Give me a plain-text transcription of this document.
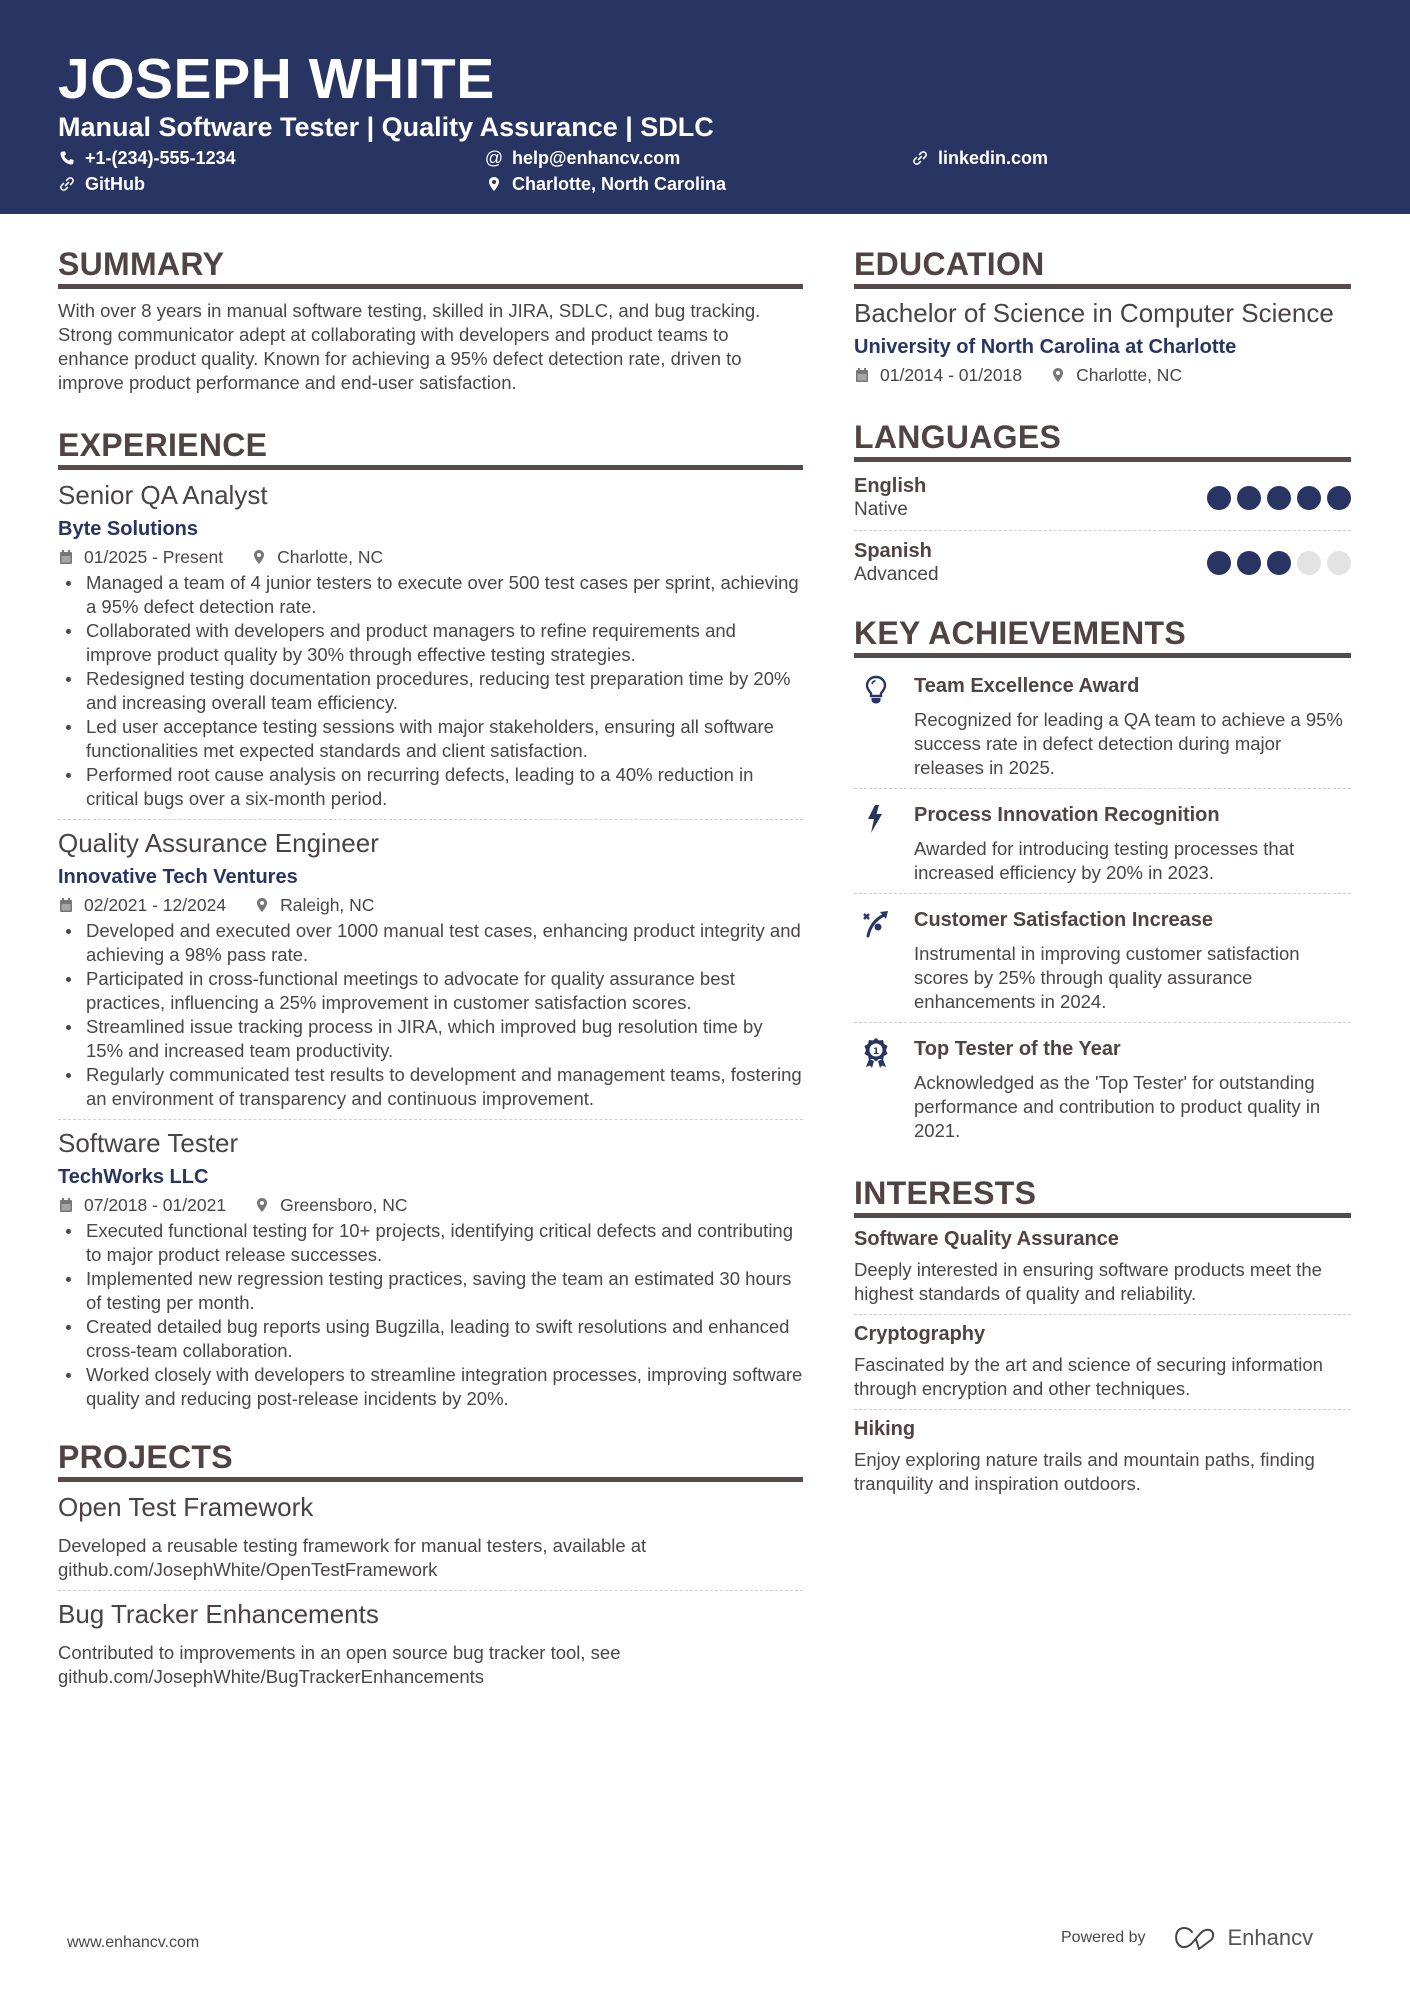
JOSEPH WHITE
Manual Software Tester | Quality Assurance | SDLC
+1-(234)-555-1234	@ help@enhancv.com	linkedin.com
GitHub	Charlotte, North Carolina
SUMMARY
With over 8 years in manual software testing, skilled in JIRA, SDLC, and bug tracking. Strong communicator adept at collaborating with developers and product teams to enhance product quality. Known for achieving a 95% defect detection rate, driven to improve product performance and end-user satisfaction.
EXPERIENCE
Senior QA Analyst
Byte Solutions
01/2025 - Present	Charlotte, NC
Managed a team of 4 junior testers to execute over 500 test cases per sprint, achieving a 95% defect detection rate.
Collaborated with developers and product managers to refine requirements and improve product quality by 30% through effective testing strategies.
Redesigned testing documentation procedures, reducing test preparation time by 20% and increasing overall team efficiency.
Led user acceptance testing sessions with major stakeholders, ensuring all software functionalities met expected standards and client satisfaction.
Performed root cause analysis on recurring defects, leading to a 40% reduction in critical bugs over a six-month period.
Quality Assurance Engineer
Innovative Tech Ventures
02/2021 - 12/2024	Raleigh, NC
Developed and executed over 1000 manual test cases, enhancing product integrity and achieving a 98% pass rate.
Participated in cross-functional meetings to advocate for quality assurance best practices, influencing a 25% improvement in customer satisfaction scores.
Streamlined issue tracking process in JIRA, which improved bug resolution time by 15% and increased team productivity.
Regularly communicated test results to development and management teams, fostering an environment of transparency and continuous improvement.
Software Tester
TechWorks LLC
07/2018 - 01/2021	Greensboro, NC
Executed functional testing for 10+ projects, identifying critical defects and contributing to major product release successes.
Implemented new regression testing practices, saving the team an estimated 30 hours of testing per month.
Created detailed bug reports using Bugzilla, leading to swift resolutions and enhanced cross-team collaboration.
Worked closely with developers to streamline integration processes, improving software quality and reducing post-release incidents by 20%.
PROJECTS
Open Test Framework
Developed a reusable testing framework for manual testers, available at github.com/JosephWhite/OpenTestFramework
Bug Tracker Enhancements
Contributed to improvements in an open source bug tracker tool, see github.com/JosephWhite/BugTrackerEnhancements
EDUCATION
Bachelor of Science in Computer Science
University of North Carolina at Charlotte
01/2014 - 01/2018	Charlotte, NC
LANGUAGES
English
Native
Spanish
Advanced
KEY ACHIEVEMENTS
Team Excellence Award
Recognized for leading a QA team to achieve a 95% success rate in defect detection during major releases in 2025.
Process Innovation Recognition
Awarded for introducing testing processes that increased efficiency by 20% in 2023.
Customer Satisfaction Increase
Instrumental in improving customer satisfaction scores by 25% through quality assurance enhancements in 2024.
1 Top Tester of the Year
Acknowledged as the 'Top Tester' for outstanding performance and contribution to product quality in 2021.
INTERESTS
Software Quality Assurance
Deeply interested in ensuring software products meet the highest standards of quality and reliability.
Cryptography
Fascinated by the art and science of securing information through encryption and other techniques.
Hiking
Enjoy exploring nature trails and mountain paths, finding tranquility and inspiration outdoors.
www.enhancv.com	Powered by	Enhancv
